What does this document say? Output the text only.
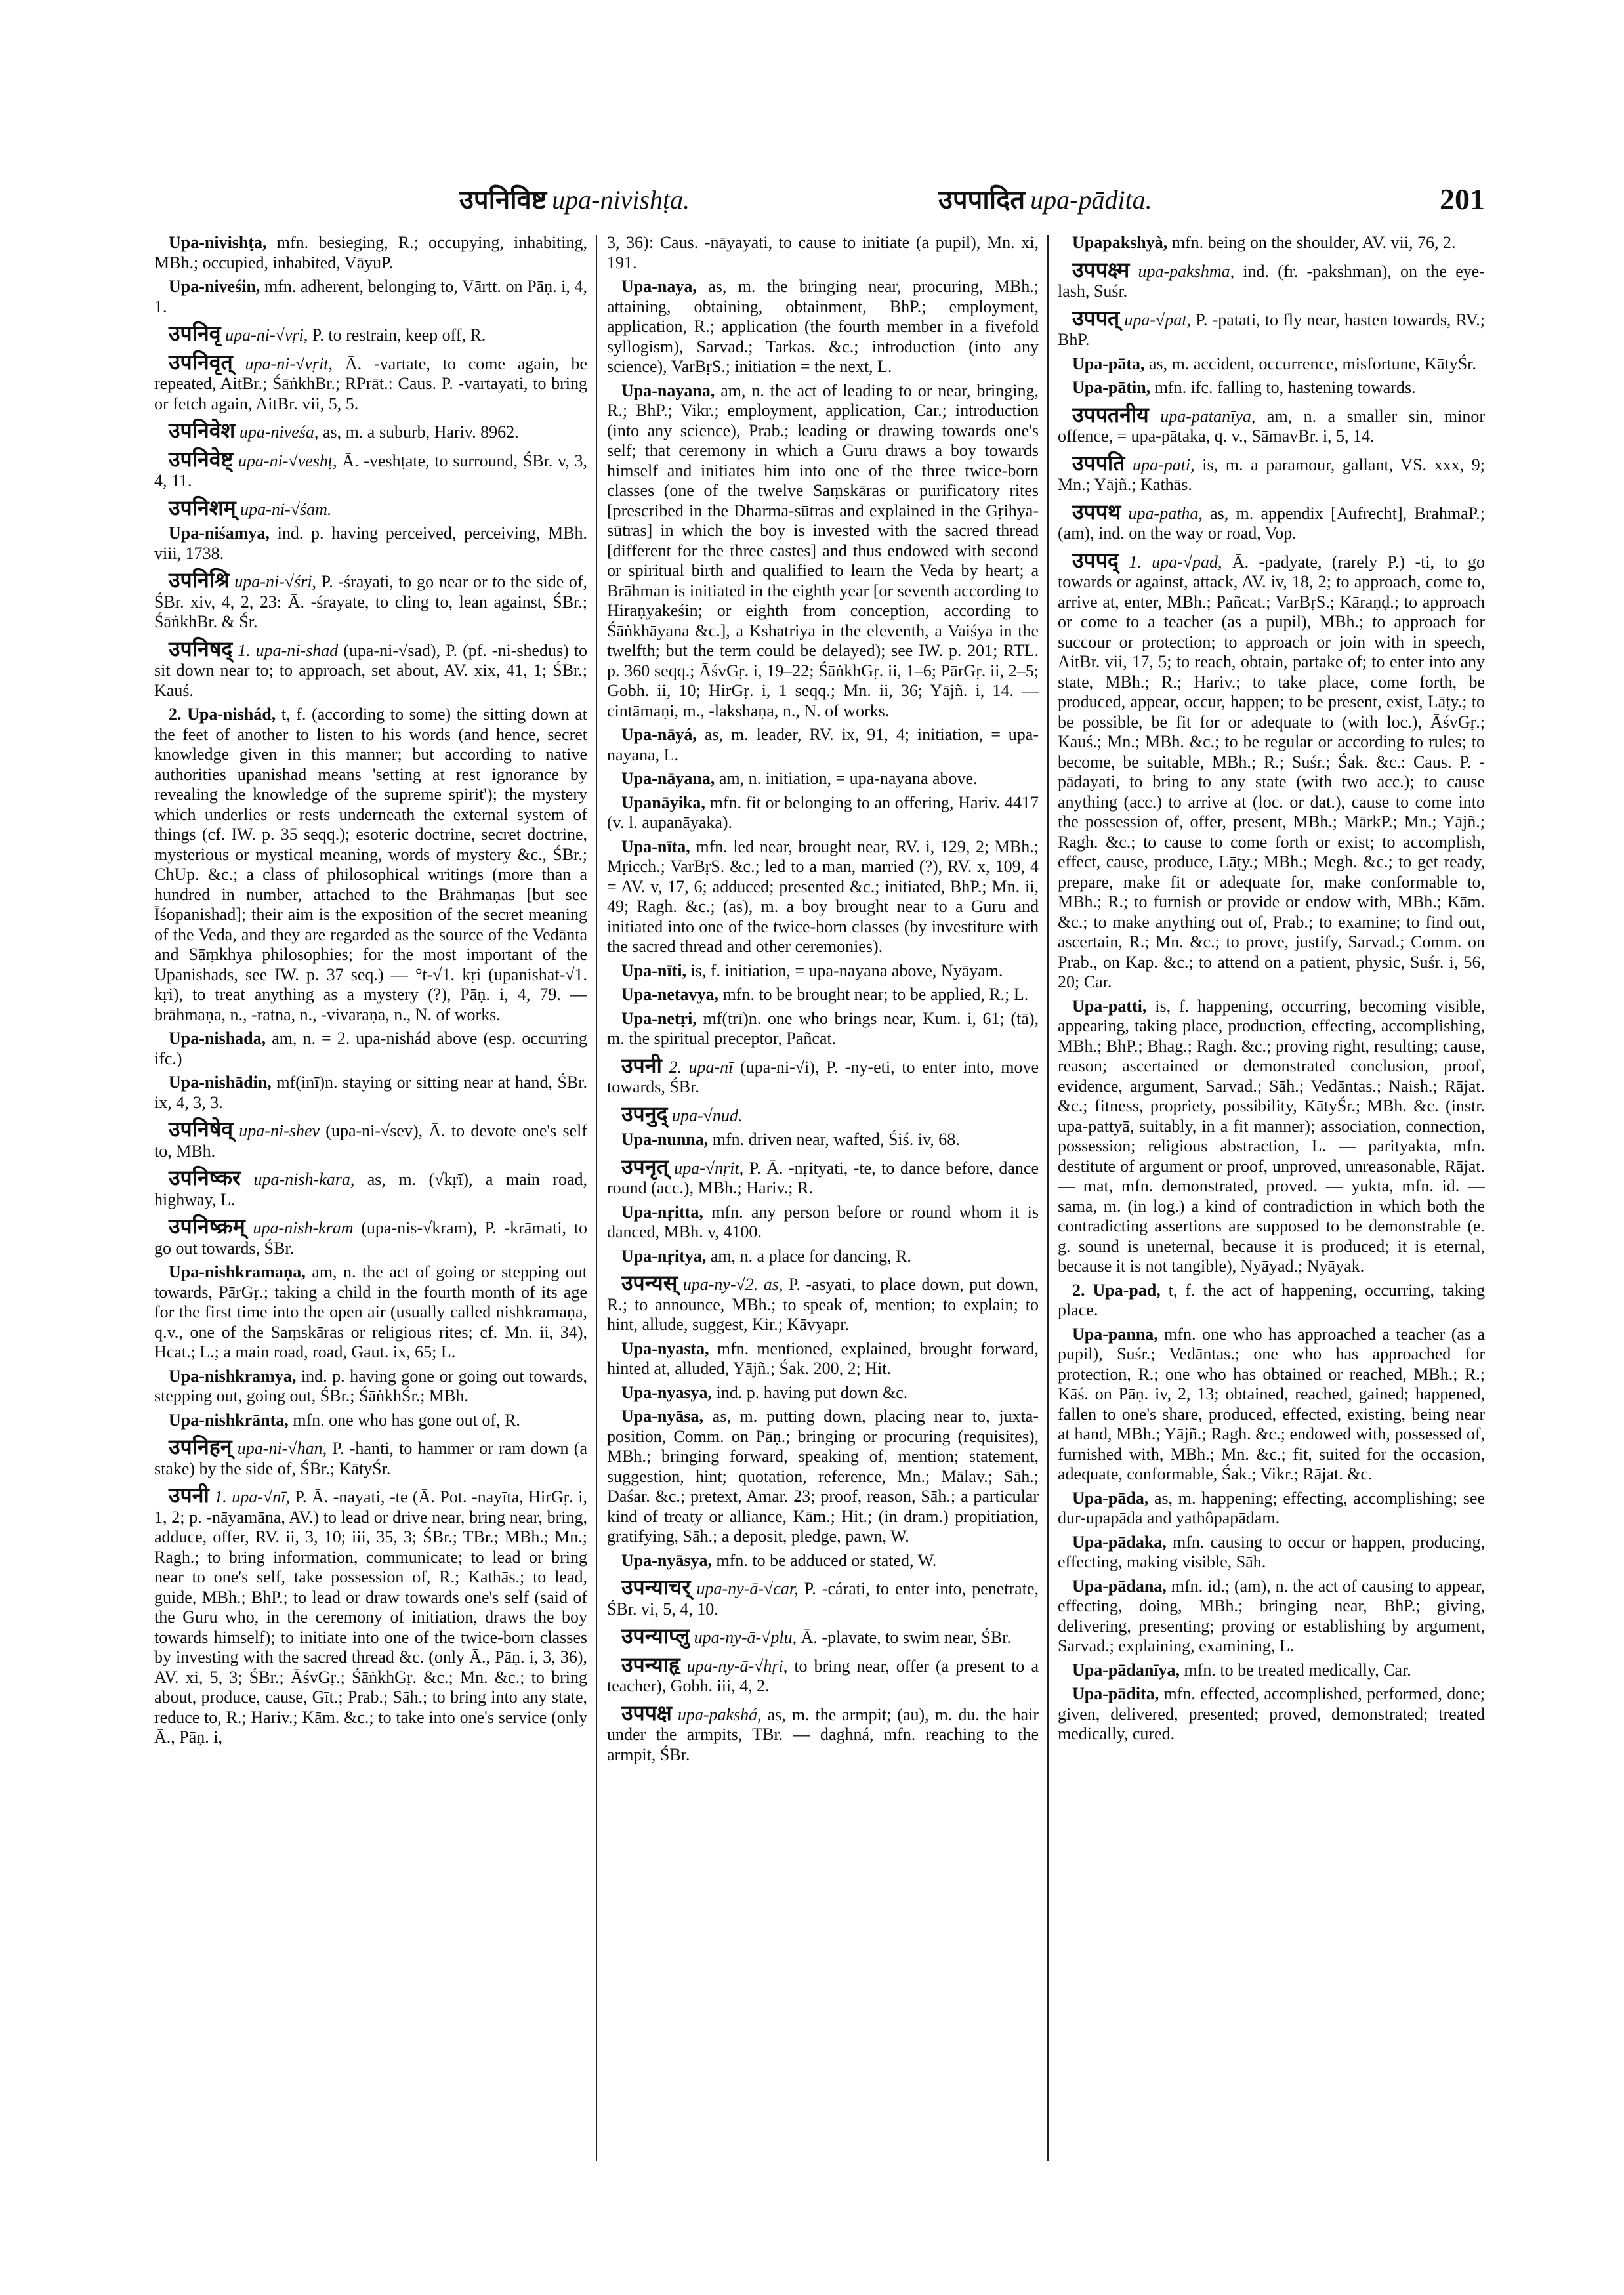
उपनिविष्ट upa-nivishṭa.	उपपादित upa-pādita.	201

Upa-nivishṭa, mfn. besieging, R.; occupying, inhabiting, MBh.; occupied, inhabited, VāyuP.

Upa-niveśin, mfn. adherent, belonging to, Vārtt. on Pāṇ. i, 4, 1.

उपनिवृ upa-ni-√vṛi, P. to restrain, keep off, R.

उपनिवृत् upa-ni-√vṛit, Ā. -vartate, to come again, be repeated, AitBr.; ŚāṅkhBr.; RPrāt.: Caus. P. -vartayati, to bring or fetch again, AitBr. vii, 5, 5.

उपनिवेश upa-niveśa, as, m. a suburb, Hariv. 8962.

उपनिवेष्ट् upa-ni-√veshṭ, Ā. -veshṭate, to surround, ŚBr. v, 3, 4, 11.

उपनिशम् upa-ni-√śam.

Upa-niśamya, ind. p. having perceived, perceiving, MBh. viii, 1738.

उपनिश्रि upa-ni-√śri, P. -śrayati, to go near or to the side of, ŚBr. xiv, 4, 2, 23: Ā. -śrayate, to cling to, lean against, ŚBr.; ŚāṅkhBr. & Śr.

उपनिषद् 1. upa-ni-shad (upa-ni-√sad), P. (pf. -ni-shedus) to sit down near to; to approach, set about, AV. xix, 41, 1; ŚBr.; Kauś.

2. Upa-nishád, t, f. (according to some) the sitting down at the feet of another to listen to his words (and hence, secret knowledge given in this manner; but according to native authorities upanishad means 'setting at rest ignorance by revealing the knowledge of the supreme spirit'); the mystery which underlies or rests underneath the external system of things (cf. IW. p. 35 seqq.); esoteric doctrine, secret doctrine, mysterious or mystical meaning, words of mystery &c., ŚBr.; ChUp. &c.; a class of philosophical writings (more than a hundred in number, attached to the Brāhmaṇas [but see Īśopanishad]; their aim is the exposition of the secret meaning of the Veda, and they are regarded as the source of the Vedānta and Sāṃkhya philosophies; for the most important of the Upanishads, see IW. p. 37 seq.) — °t-√1. kṛi (upanishat-√1. kṛi), to treat anything as a mystery (?), Pāṇ. i, 4, 79. — brāhmaṇa, n., -ratna, n., -vivaraṇa, n., N. of works.

Upa-nishada, am, n. = 2. upa-nishád above (esp. occurring ifc.)

Upa-nishādin, mf(inī)n. staying or sitting near at hand, ŚBr. ix, 4, 3, 3.

उपनिषेव् upa-ni-shev (upa-ni-√sev), Ā. to devote one's self to, MBh.

उपनिष्कर upa-nish-kara, as, m. (√kṛī), a main road, highway, L.

उपनिष्क्रम् upa-nish-kram (upa-nis-√kram), P. -krāmati, to go out towards, ŚBr.

Upa-nishkramaṇa, am, n. the act of going or stepping out towards, PārGṛ.; taking a child in the fourth month of its age for the first time into the open air (usually called nishkramaṇa, q.v., one of the Saṃskāras or religious rites; cf. Mn. ii, 34), Hcat.; L.; a main road, road, Gaut. ix, 65; L.

Upa-nishkramya, ind. p. having gone or going out towards, stepping out, going out, ŚBr.; ŚāṅkhŚr.; MBh.

Upa-nishkrānta, mfn. one who has gone out of, R.

उपनिहन् upa-ni-√han, P. -hanti, to hammer or ram down (a stake) by the side of, ŚBr.; KātyŚr.

उपनी 1. upa-√nī, P. Ā. -nayati, -te (Ā. Pot. -nayīta, HirGṛ. i, 1, 2; p. -nāyamāna, AV.) to lead or drive near, bring near, bring, adduce, offer, RV. ii, 3, 10; iii, 35, 3; ŚBr.; TBr.; MBh.; Mn.; Ragh.; to bring information, communicate; to lead or bring near to one's self, take possession of, R.; Kathās.; to lead, guide, MBh.; BhP.; to lead or draw towards one's self (said of the Guru who, in the ceremony of initiation, draws the boy towards himself); to initiate into one of the twice-born classes by investing with the sacred thread &c. (only Ā., Pāṇ. i, 3, 36), AV. xi, 5, 3; ŚBr.; ĀśvGṛ.; ŚāṅkhGṛ. &c.; Mn. &c.; to bring about, produce, cause, Gīt.; Prab.; Sāh.; to bring into any state, reduce to, R.; Hariv.; Kām. &c.; to take into one's service (only Ā., Pāṇ. i,

3, 36): Caus. -nāyayati, to cause to initiate (a pupil), Mn. xi, 191.

Upa-naya, as, m. the bringing near, procuring, MBh.; attaining, obtaining, obtainment, BhP.; employment, application, R.; application (the fourth member in a fivefold syllogism), Sarvad.; Tarkas. &c.; introduction (into any science), VarBṛS.; initiation = the next, L.

Upa-nayana, am, n. the act of leading to or near, bringing, R.; BhP.; Vikr.; employment, application, Car.; introduction (into any science), Prab.; leading or drawing towards one's self; that ceremony in which a Guru draws a boy towards himself and initiates him into one of the three twice-born classes (one of the twelve Saṃskāras or purificatory rites [prescribed in the Dharma-sūtras and explained in the Gṛihya-sūtras] in which the boy is invested with the sacred thread [different for the three castes] and thus endowed with second or spiritual birth and qualified to learn the Veda by heart; a Brāhman is initiated in the eighth year [or seventh according to Hiraṇyakeśin; or eighth from conception, according to Śāṅkhāyana &c.], a Kshatriya in the eleventh, a Vaiśya in the twelfth; but the term could be delayed); see IW. p. 201; RTL. p. 360 seqq.; ĀśvGṛ. i, 19–22; ŚāṅkhGṛ. ii, 1–6; PārGṛ. ii, 2–5; Gobh. ii, 10; HirGṛ. i, 1 seqq.; Mn. ii, 36; Yājñ. i, 14. — cintāmaṇi, m., -lakshaṇa, n., N. of works.

Upa-nāyá, as, m. leader, RV. ix, 91, 4; initiation, = upa-nayana, L.

Upa-nāyana, am, n. initiation, = upa-nayana above.

Upanāyika, mfn. fit or belonging to an offering, Hariv. 4417 (v. l. aupanāyaka).

Upa-nīta, mfn. led near, brought near, RV. i, 129, 2; MBh.; Mṛicch.; VarBṛS. &c.; led to a man, married (?), RV. x, 109, 4 = AV. v, 17, 6; adduced; presented &c.; initiated, BhP.; Mn. ii, 49; Ragh. &c.; (as), m. a boy brought near to a Guru and initiated into one of the twice-born classes (by investiture with the sacred thread and other ceremonies).

Upa-nīti, is, f. initiation, = upa-nayana above, Nyāyam.

Upa-netavya, mfn. to be brought near; to be applied, R.; L.

Upa-netṛi, mf(trī)n. one who brings near, Kum. i, 61; (tā), m. the spiritual preceptor, Pañcat.

उपनी 2. upa-nī (upa-ni-√i), P. -ny-eti, to enter into, move towards, ŚBr.

उपनुद् upa-√nud.

Upa-nunna, mfn. driven near, wafted, Śiś. iv, 68.

उपनृत् upa-√nṛit, P. Ā. -nṛityati, -te, to dance before, dance round (acc.), MBh.; Hariv.; R.

Upa-nṛitta, mfn. any person before or round whom it is danced, MBh. v, 4100.

Upa-nṛitya, am, n. a place for dancing, R.

उपन्यस् upa-ny-√2. as, P. -asyati, to place down, put down, R.; to announce, MBh.; to speak of, mention; to explain; to hint, allude, suggest, Kir.; Kāvyapr.

Upa-nyasta, mfn. mentioned, explained, brought forward, hinted at, alluded, Yājñ.; Śak. 200, 2; Hit.

Upa-nyasya, ind. p. having put down &c.

Upa-nyāsa, as, m. putting down, placing near to, juxta-position, Comm. on Pāṇ.; bringing or procuring (requisites), MBh.; bringing forward, speaking of, mention; statement, suggestion, hint; quotation, reference, Mn.; Mālav.; Sāh.; Daśar. &c.; pretext, Amar. 23; proof, reason, Sāh.; a particular kind of treaty or alliance, Kām.; Hit.; (in dram.) propitiation, gratifying, Sāh.; a deposit, pledge, pawn, W.

Upa-nyāsya, mfn. to be adduced or stated, W.

उपन्याचर् upa-ny-ā-√car, P. -cárati, to enter into, penetrate, ŚBr. vi, 5, 4, 10.

उपन्याप्लु upa-ny-ā-√plu, Ā. -plavate, to swim near, ŚBr.

उपन्याहृ upa-ny-ā-√hṛi, to bring near, offer (a present to a teacher), Gobh. iii, 4, 2.

उपपक्ष upa-pakshá, as, m. the armpit; (au), m. du. the hair under the armpits, TBr. — daghná, mfn. reaching to the armpit, ŚBr.

Upapakshyà, mfn. being on the shoulder, AV. vii, 76, 2.

उपपक्ष्म upa-pakshma, ind. (fr. -pakshman), on the eye-lash, Suśr.

उपपत् upa-√pat, P. -patati, to fly near, hasten towards, RV.; BhP.

Upa-pāta, as, m. accident, occurrence, misfortune, KātyŚr.

Upa-pātin, mfn. ifc. falling to, hastening towards.

उपपतनीय upa-patanīya, am, n. a smaller sin, minor offence, = upa-pātaka, q. v., SāmavBr. i, 5, 14.

उपपति upa-pati, is, m. a paramour, gallant, VS. xxx, 9; Mn.; Yājñ.; Kathās.

उपपथ upa-patha, as, m. appendix [Aufrecht], BrahmaP.; (am), ind. on the way or road, Vop.

उपपद् 1. upa-√pad, Ā. -padyate, (rarely P.) -ti, to go towards or against, attack, AV. iv, 18, 2; to approach, come to, arrive at, enter, MBh.; Pañcat.; VarBṛS.; Kāraṇḍ.; to approach or come to a teacher (as a pupil), MBh.; to approach for succour or protection; to approach or join with in speech, AitBr. vii, 17, 5; to reach, obtain, partake of; to enter into any state, MBh.; R.; Hariv.; to take place, come forth, be produced, appear, occur, happen; to be present, exist, Lāṭy.; to be possible, be fit for or adequate to (with loc.), ĀśvGṛ.; Kauś.; Mn.; MBh. &c.; to be regular or according to rules; to become, be suitable, MBh.; R.; Suśr.; Śak. &c.: Caus. P. -pādayati, to bring to any state (with two acc.); to cause anything (acc.) to arrive at (loc. or dat.), cause to come into the possession of, offer, present, MBh.; MārkP.; Mn.; Yājñ.; Ragh. &c.; to cause to come forth or exist; to accomplish, effect, cause, produce, Lāṭy.; MBh.; Megh. &c.; to get ready, prepare, make fit or adequate for, make conformable to, MBh.; R.; to furnish or provide or endow with, MBh.; Kām. &c.; to make anything out of, Prab.; to examine; to find out, ascertain, R.; Mn. &c.; to prove, justify, Sarvad.; Comm. on Prab., on Kap. &c.; to attend on a patient, physic, Suśr. i, 56, 20; Car.

Upa-patti, is, f. happening, occurring, becoming visible, appearing, taking place, production, effecting, accomplishing, MBh.; BhP.; Bhag.; Ragh. &c.; proving right, resulting; cause, reason; ascertained or demonstrated conclusion, proof, evidence, argument, Sarvad.; Sāh.; Vedāntas.; Naish.; Rājat. &c.; fitness, propriety, possibility, KātyŚr.; MBh. &c. (instr. upa-pattyā, suitably, in a fit manner); association, connection, possession; religious abstraction, L. — parityakta, mfn. destitute of argument or proof, unproved, unreasonable, Rājat. — mat, mfn. demonstrated, proved. — yukta, mfn. id. — sama, m. (in log.) a kind of contradiction in which both the contradicting assertions are supposed to be demonstrable (e. g. sound is uneternal, because it is produced; it is eternal, because it is not tangible), Nyāyad.; Nyāyak.

2. Upa-pad, t, f. the act of happening, occurring, taking place.

Upa-panna, mfn. one who has approached a teacher (as a pupil), Suśr.; Vedāntas.; one who has approached for protection, R.; one who has obtained or reached, MBh.; R.; Kāś. on Pāṇ. iv, 2, 13; obtained, reached, gained; happened, fallen to one's share, produced, effected, existing, being near at hand, MBh.; Yājñ.; Ragh. &c.; endowed with, possessed of, furnished with, MBh.; Mn. &c.; fit, suited for the occasion, adequate, conformable, Śak.; Vikr.; Rājat. &c.

Upa-pāda, as, m. happening; effecting, accomplishing; see dur-upapāda and yathôpapādam.

Upa-pādaka, mfn. causing to occur or happen, producing, effecting, making visible, Sāh.

Upa-pādana, mfn. id.; (am), n. the act of causing to appear, effecting, doing, MBh.; bringing near, BhP.; giving, delivering, presenting; proving or establishing by argument, Sarvad.; explaining, examining, L.

Upa-pādanīya, mfn. to be treated medically, Car.

Upa-pādita, mfn. effected, accomplished, performed, done; given, delivered, presented; proved, demonstrated; treated medically, cured.
